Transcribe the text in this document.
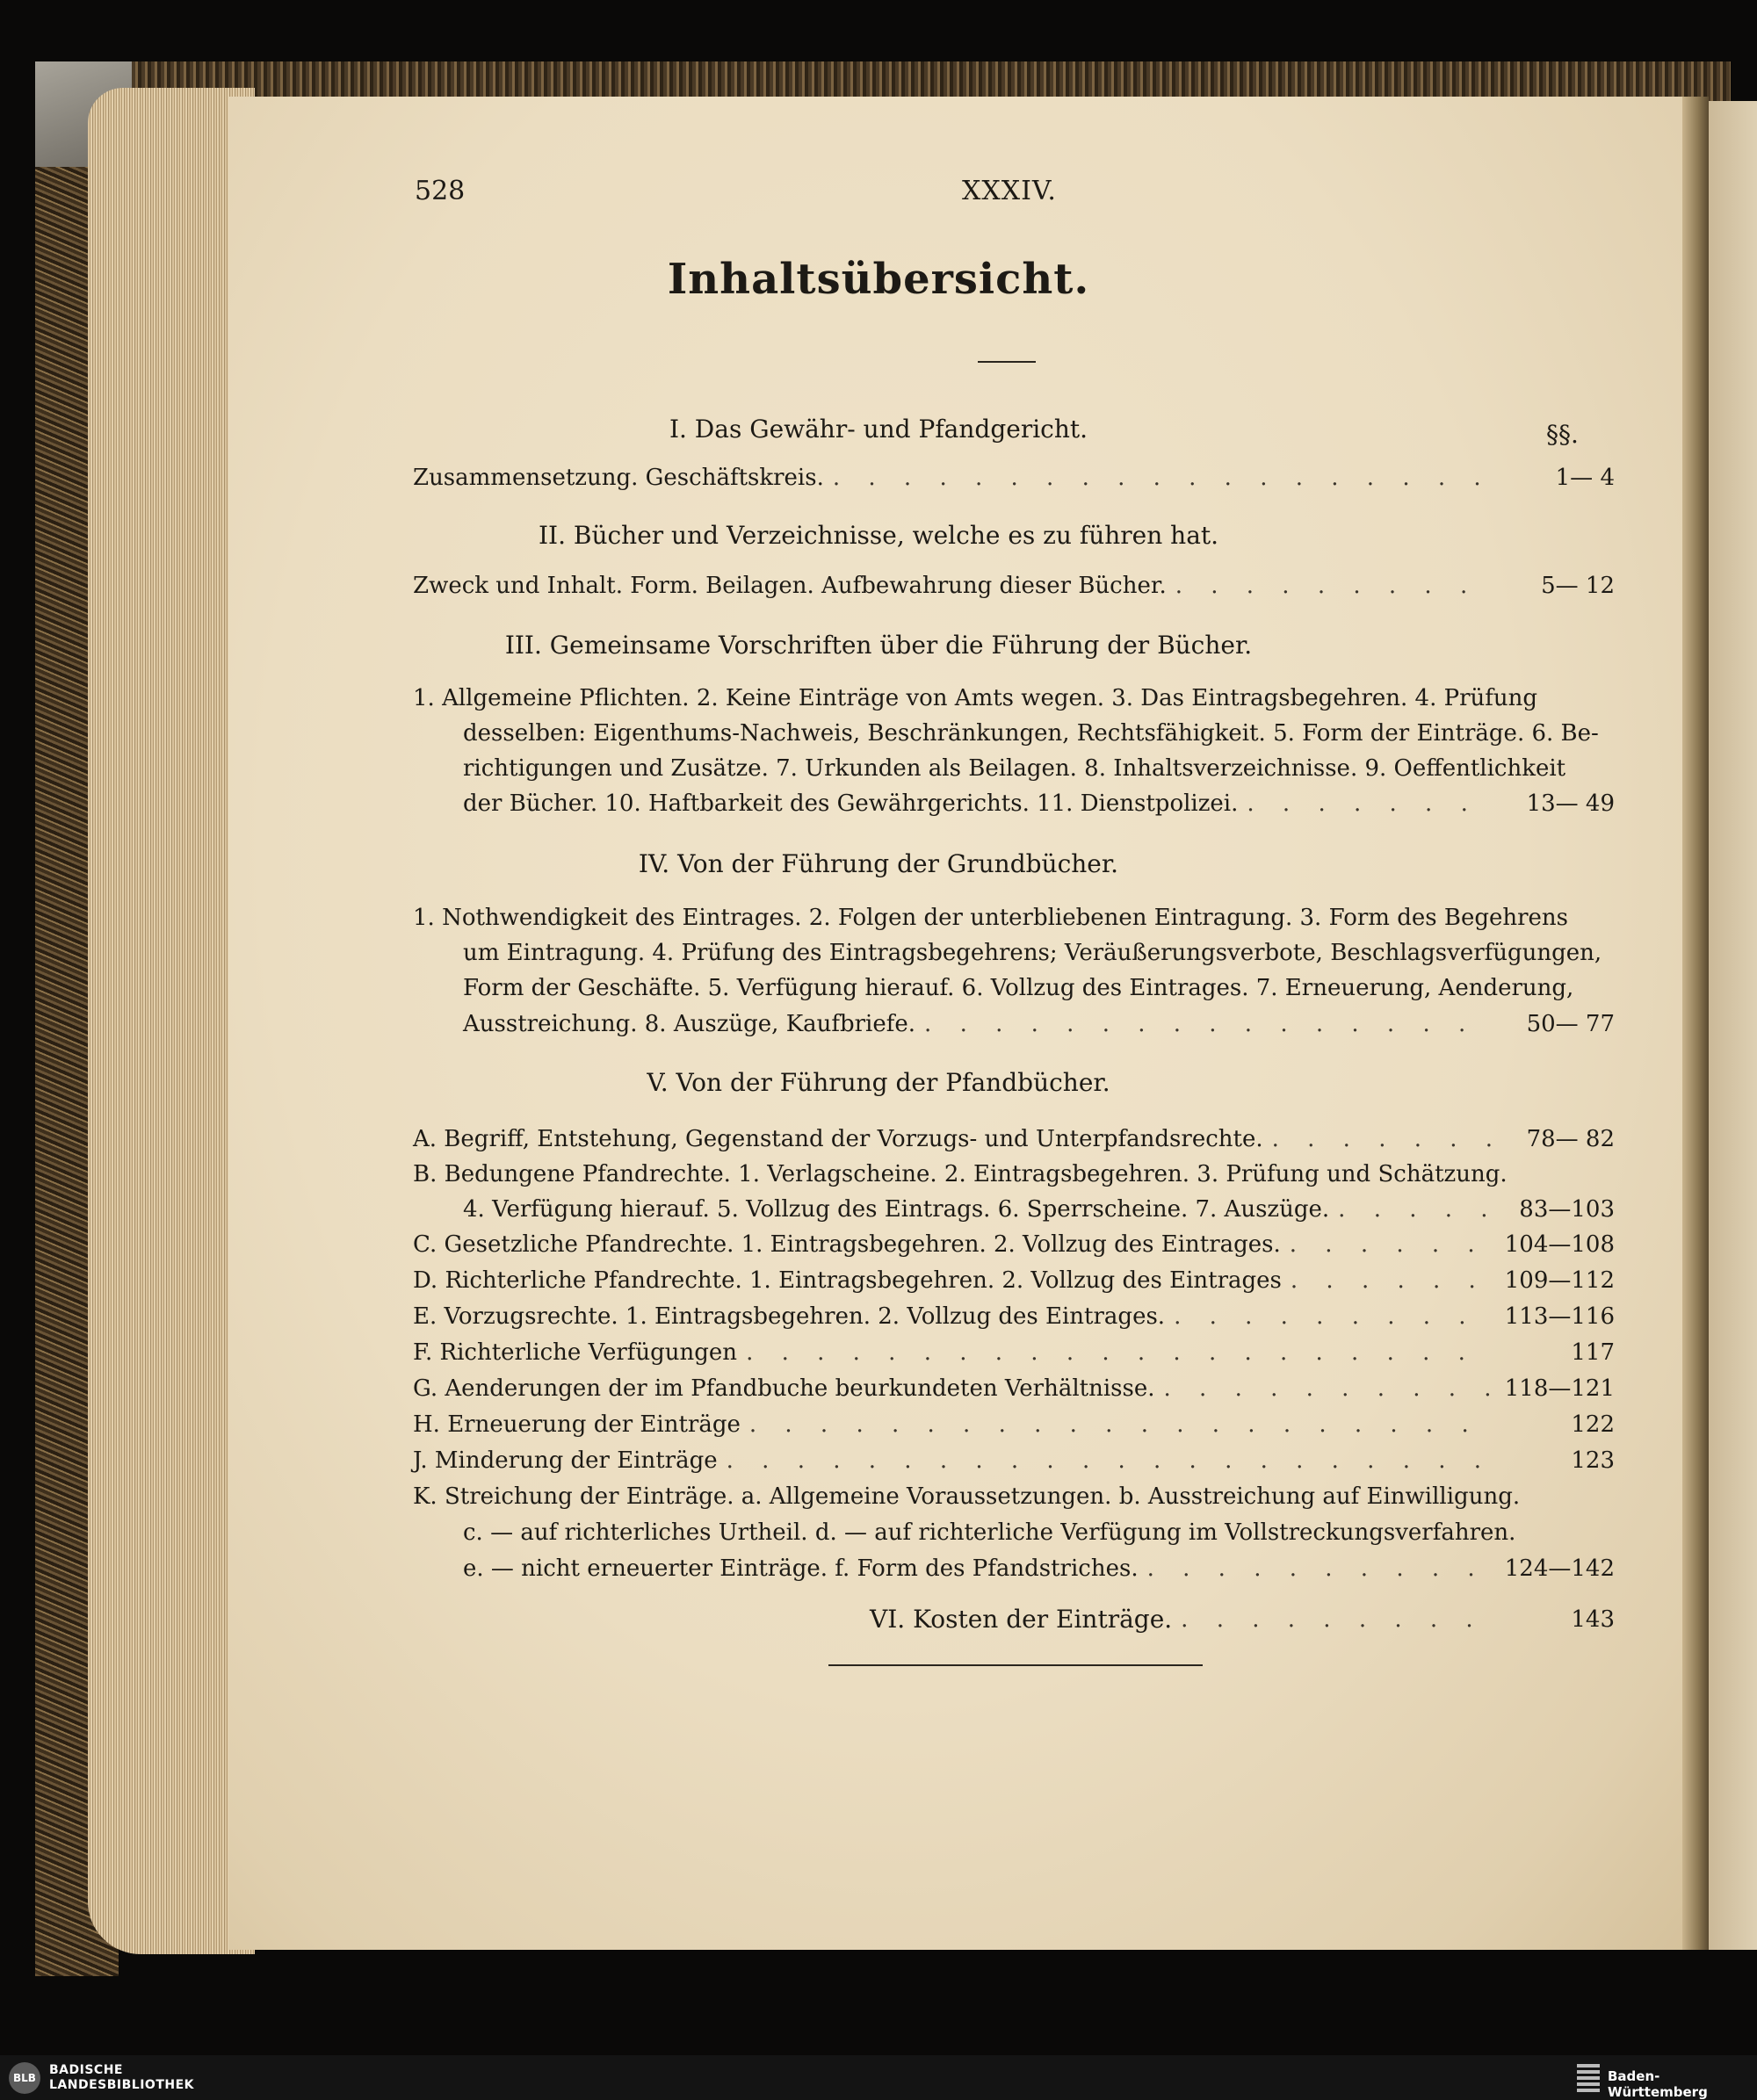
528	XXXIV.
Inhaltsübersicht.
I. Das Gewähr- und Pfandgericht.	§§.
Zusammensetzung. Geschäftskreis. . . .	1— 4
II. Bücher und Verzeichnisse, welche es zu führen hat.
Zweck und Inhalt. Form. Beilagen. Aufbewahrung dieser Bücher. . . .	5— 12
III. Gemeinsame Vorschriften über die Führung der Bücher.
1. Allgemeine Pflichten. 2. Keine Einträge von Amts wegen. 3. Das Eintragsbegehren. 4. Prüfung
desselben: Eigenthums-Nachweis, Beschränkungen, Rechtsfähigkeit. 5. Form der Einträge. 6. Be-
richtigungen und Zusätze. 7. Urkunden als Beilagen. 8. Inhaltsverzeichnisse. 9. Oeffentlichkeit
der Bücher. 10. Haftbarkeit des Gewährgerichts. 11. Dienstpolizei. . . .	13— 49
IV. Von der Führung der Grundbücher.
1. Nothwendigkeit des Eintrages. 2. Folgen der unterbliebenen Eintragung. 3. Form des Begehrens
um Eintragung. 4. Prüfung des Eintragsbegehrens; Veräußerungsverbote, Beschlagsverfügungen,
Form der Geschäfte. 5. Verfügung hierauf. 6. Vollzug des Eintrages. 7. Erneuerung, Aenderung,
Ausstreichung. 8. Auszüge, Kaufbriefe. . . .	50— 77
V. Von der Führung der Pfandbücher.
A. Begriff, Entstehung, Gegenstand der Vorzugs- und Unterpfandsrechte. . . .	78— 82
B. Bedungene Pfandrechte. 1. Verlagscheine. 2. Eintragsbegehren. 3. Prüfung und Schätzung.
4. Verfügung hierauf. 5. Vollzug des Eintrags. 6. Sperrscheine. 7. Auszüge. . . .	83—103
C. Gesetzliche Pfandrechte. 1. Eintragsbegehren. 2. Vollzug des Eintrages. . . .	104—108
D. Richterliche Pfandrechte. 1. Eintragsbegehren. 2. Vollzug des Eintrages . . .	109—112
E. Vorzugsrechte. 1. Eintragsbegehren. 2. Vollzug des Eintrages. . . .	113—116
F. Richterliche Verfügungen . . .	117
G. Aenderungen der im Pfandbuche beurkundeten Verhältnisse. . . .	118—121
H. Erneuerung der Einträge . . .	122
J. Minderung der Einträge . . .	123
K. Streichung der Einträge. a. Allgemeine Voraussetzungen. b. Ausstreichung auf Einwilligung.
c. — auf richterliches Urtheil. d. — auf richterliche Verfügung im Vollstreckungsverfahren.
e. — nicht erneuerter Einträge. f. Form des Pfandstriches. . . .	124—142
VI. Kosten der Einträge. . . .	143
BLB
BADISCHE
LANDESBIBLIOTHEK
Baden-Württemberg
